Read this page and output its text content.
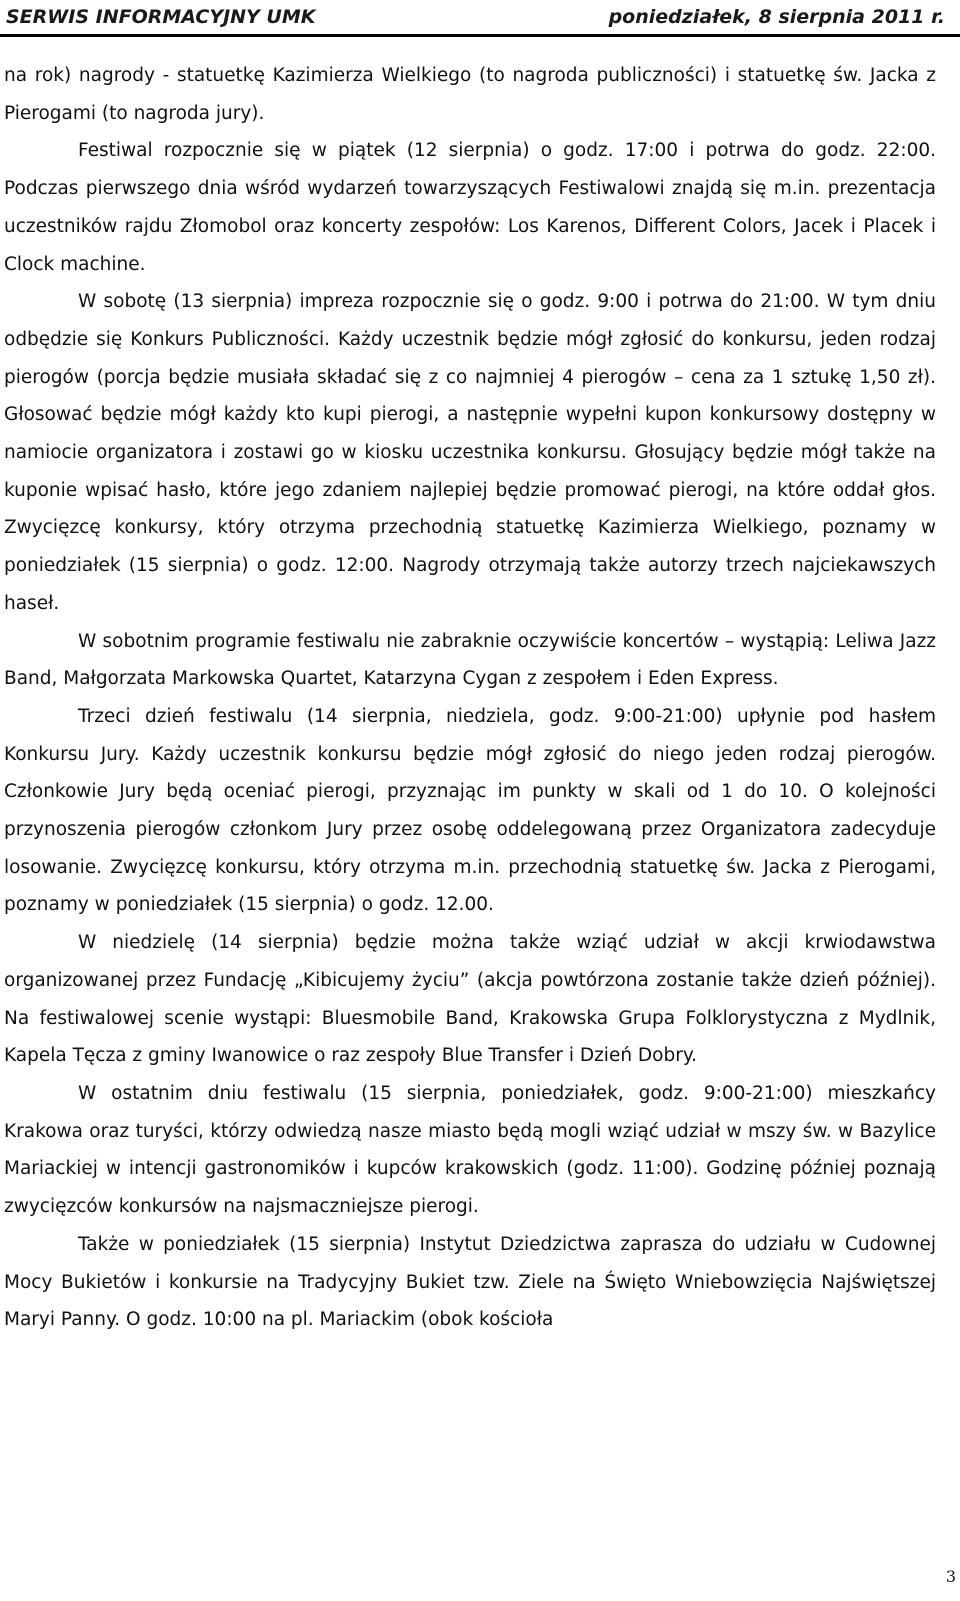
SERWIS INFORMACYJNY UMK	poniedziałek, 8 sierpnia 2011 r.

na rok) nagrody - statuetkę Kazimierza Wielkiego (to nagroda publiczności) i statuetkę św. Jacka z Pierogami (to nagroda jury).

Festiwal rozpocznie się w piątek (12 sierpnia) o godz. 17:00 i potrwa do godz. 22:00. Podczas pierwszego dnia wśród wydarzeń towarzyszących Festiwalowi znajdą się m.in. prezentacja uczestników rajdu Złomobol oraz koncerty zespołów: Los Karenos, Different Colors, Jacek i Placek i Clock machine.

W sobotę (13 sierpnia) impreza rozpocznie się o godz. 9:00 i potrwa do 21:00. W tym dniu odbędzie się Konkurs Publiczności. Każdy uczestnik będzie mógł zgłosić do konkursu, jeden rodzaj pierogów (porcja będzie musiała składać się z co najmniej 4 pierogów – cena za 1 sztukę 1,50 zł). Głosować będzie mógł każdy kto kupi pierogi, a następnie wypełni kupon konkursowy dostępny w namiocie organizatora i zostawi go w kiosku uczestnika konkursu. Głosujący będzie mógł także na kuponie wpisać hasło, które jego zdaniem najlepiej będzie promować pierogi, na które oddał głos. Zwycięzcę konkursy, który otrzyma przechodnią statuetkę Kazimierza Wielkiego, poznamy w poniedziałek (15 sierpnia) o godz. 12:00. Nagrody otrzymają także autorzy trzech najciekawszych haseł.

W sobotnim programie festiwalu nie zabraknie oczywiście koncertów – wystąpią: Leliwa Jazz Band, Małgorzata Markowska Quartet, Katarzyna Cygan z zespołem i Eden Express.

Trzeci dzień festiwalu (14 sierpnia, niedziela, godz. 9:00-21:00) upłynie pod hasłem Konkursu Jury. Każdy uczestnik konkursu będzie mógł zgłosić do niego jeden rodzaj pierogów. Członkowie Jury będą oceniać pierogi, przyznając im punkty w skali od 1 do 10. O kolejności przynoszenia pierogów członkom Jury przez osobę oddelegowaną przez Organizatora zadecyduje losowanie. Zwycięzcę konkursu, który otrzyma m.in. przechodnią statuetkę św. Jacka z Pierogami, poznamy w poniedziałek (15 sierpnia) o godz. 12.00.

W niedzielę (14 sierpnia) będzie można także wziąć udział w akcji krwiodawstwa organizowanej przez Fundację „Kibicujemy życiu” (akcja powtórzona zostanie także dzień później). Na festiwalowej scenie wystąpi: Bluesmobile Band, Krakowska Grupa Folklorystyczna z Mydlnik, Kapela Tęcza z gminy Iwanowice o raz zespoły Blue Transfer i Dzień Dobry.

W ostatnim dniu festiwalu (15 sierpnia, poniedziałek, godz. 9:00-21:00) mieszkańcy Krakowa oraz turyści, którzy odwiedzą nasze miasto będą mogli wziąć udział w mszy św. w Bazylice Mariackiej w intencji gastronomików i kupców krakowskich (godz. 11:00). Godzinę później poznają zwycięzców konkursów na najsmaczniejsze pierogi.

Także w poniedziałek (15 sierpnia) Instytut Dziedzictwa zaprasza do udziału w Cudownej Mocy Bukietów i konkursie na Tradycyjny Bukiet tzw. Ziele na Święto Wniebowzięcia Najświętszej Maryi Panny. O godz. 10:00 na pl. Mariackim (obok kościoła

3
